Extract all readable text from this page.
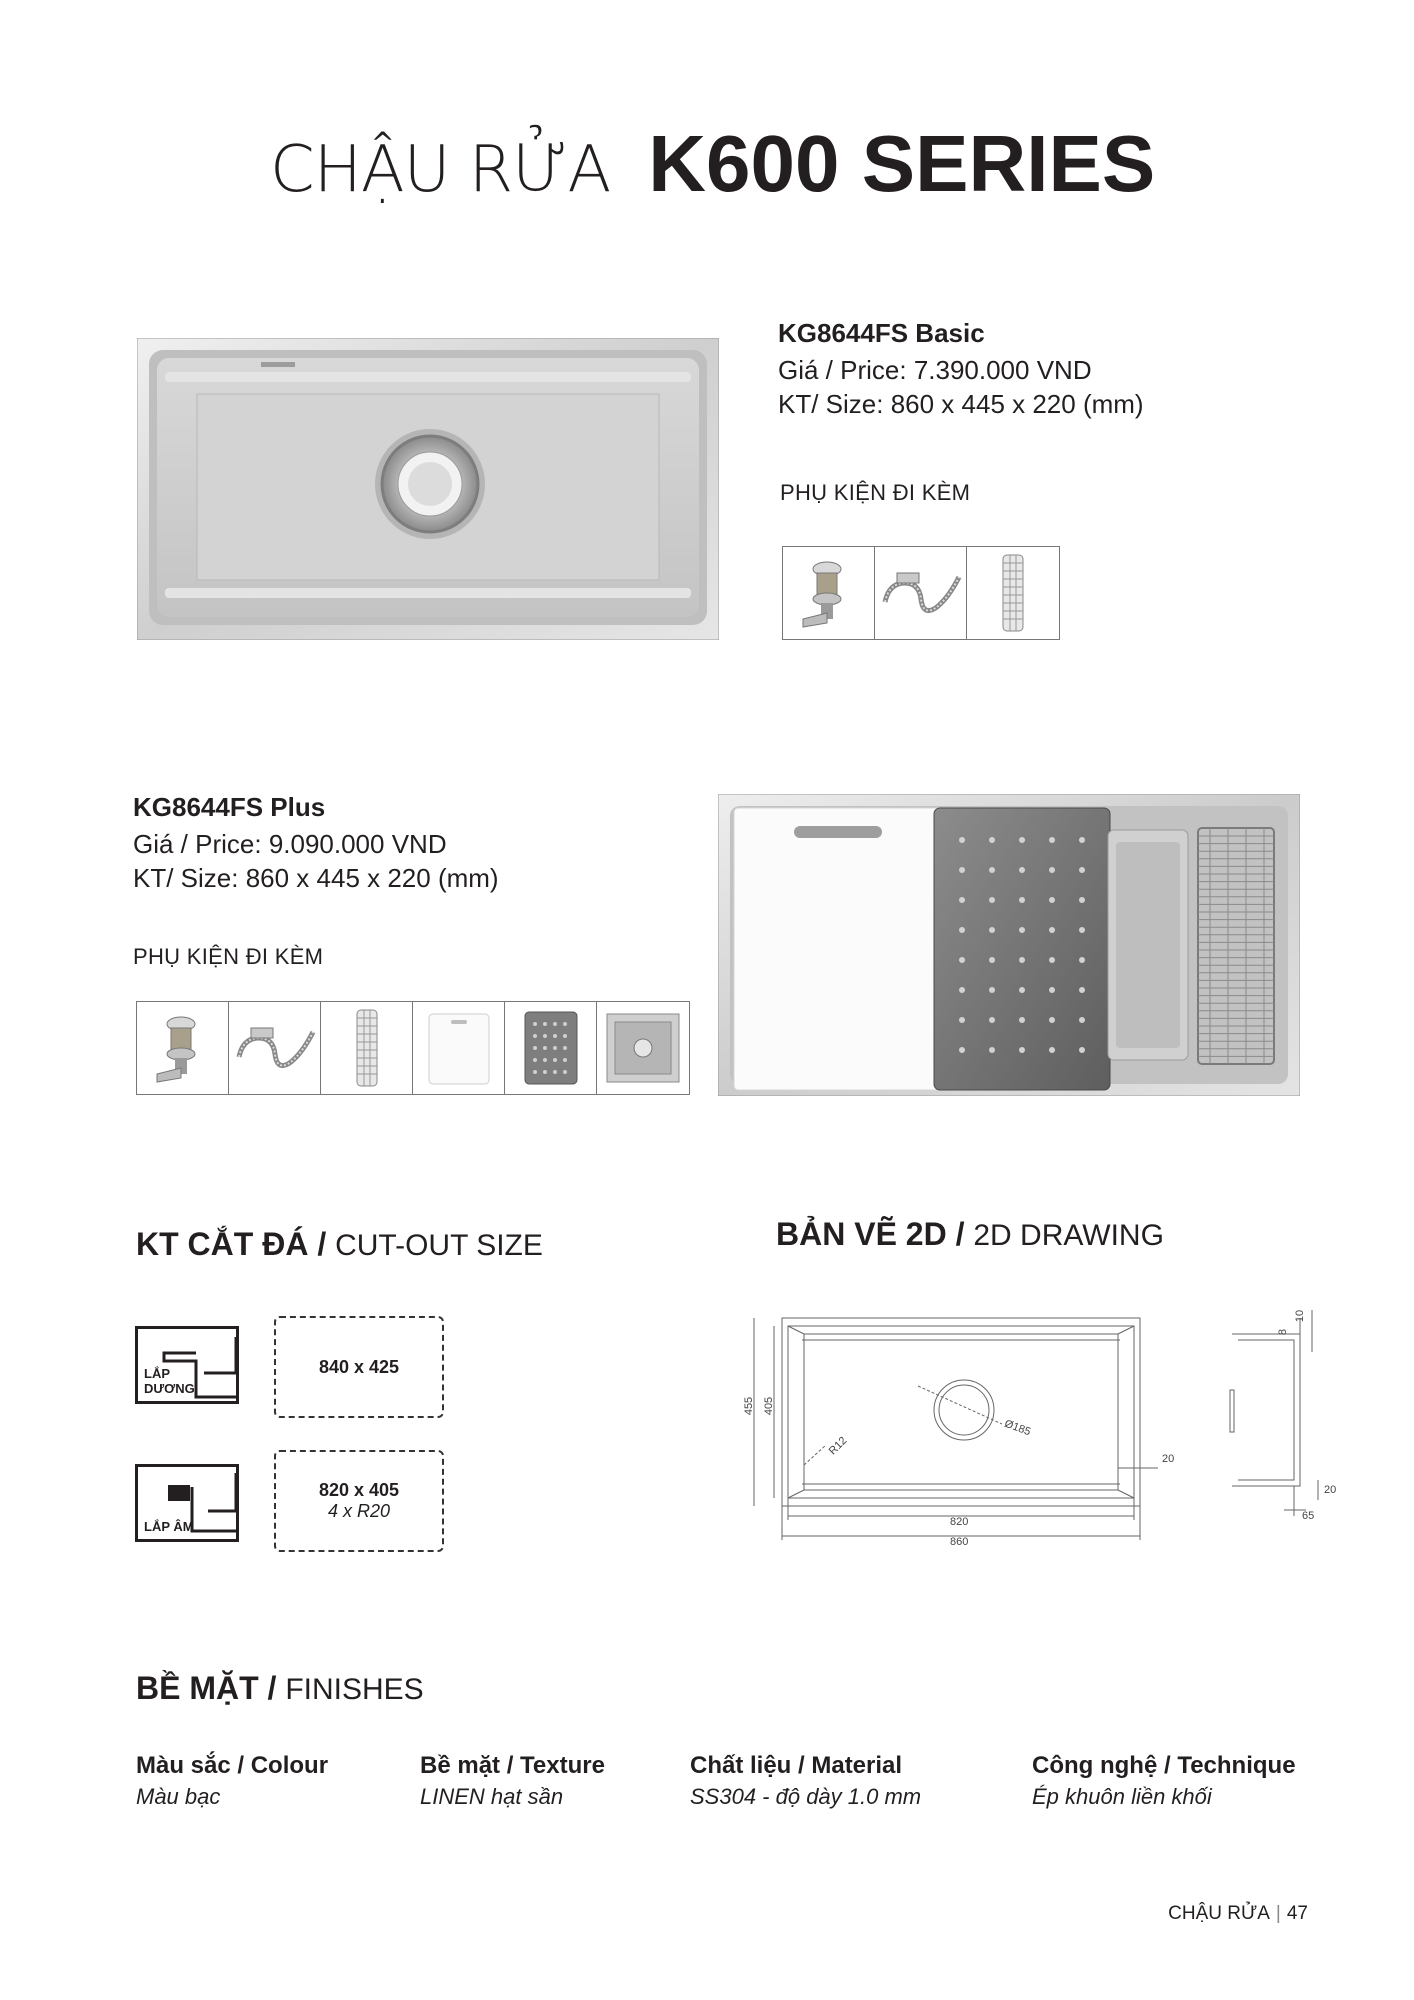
CHẬU RỬA K600 SERIES
KG8644FS Basic
Giá / Price: 7.390.000 VND
KT/ Size: 860 x 445 x 220 (mm)
PHỤ KIỆN ĐI KÈM
KG8644FS Plus
Giá / Price: 9.090.000 VND
KT/ Size: 860 x 445 x 220 (mm)
PHỤ KIỆN ĐI KÈM
KT CẮT ĐÁ / CUT-OUT SIZE
LẮP
DƯƠNG
840 x 425
LẮP ÂM
820 x 405
4 x R20
BẢN VẼ 2D / 2D DRAWING
820
860
455 405
R12
Ø185
20
8
10
20
65
BỀ MẶT / FINISHES
Màu sắc / Colour
Màu bạc
Bề mặt / Texture
LINEN hạt sần
Chất liệu / Material
SS304 - độ dày 1.0 mm
Công nghệ / Technique
Ép khuôn liền khối
CHẬU RỬA | 47
